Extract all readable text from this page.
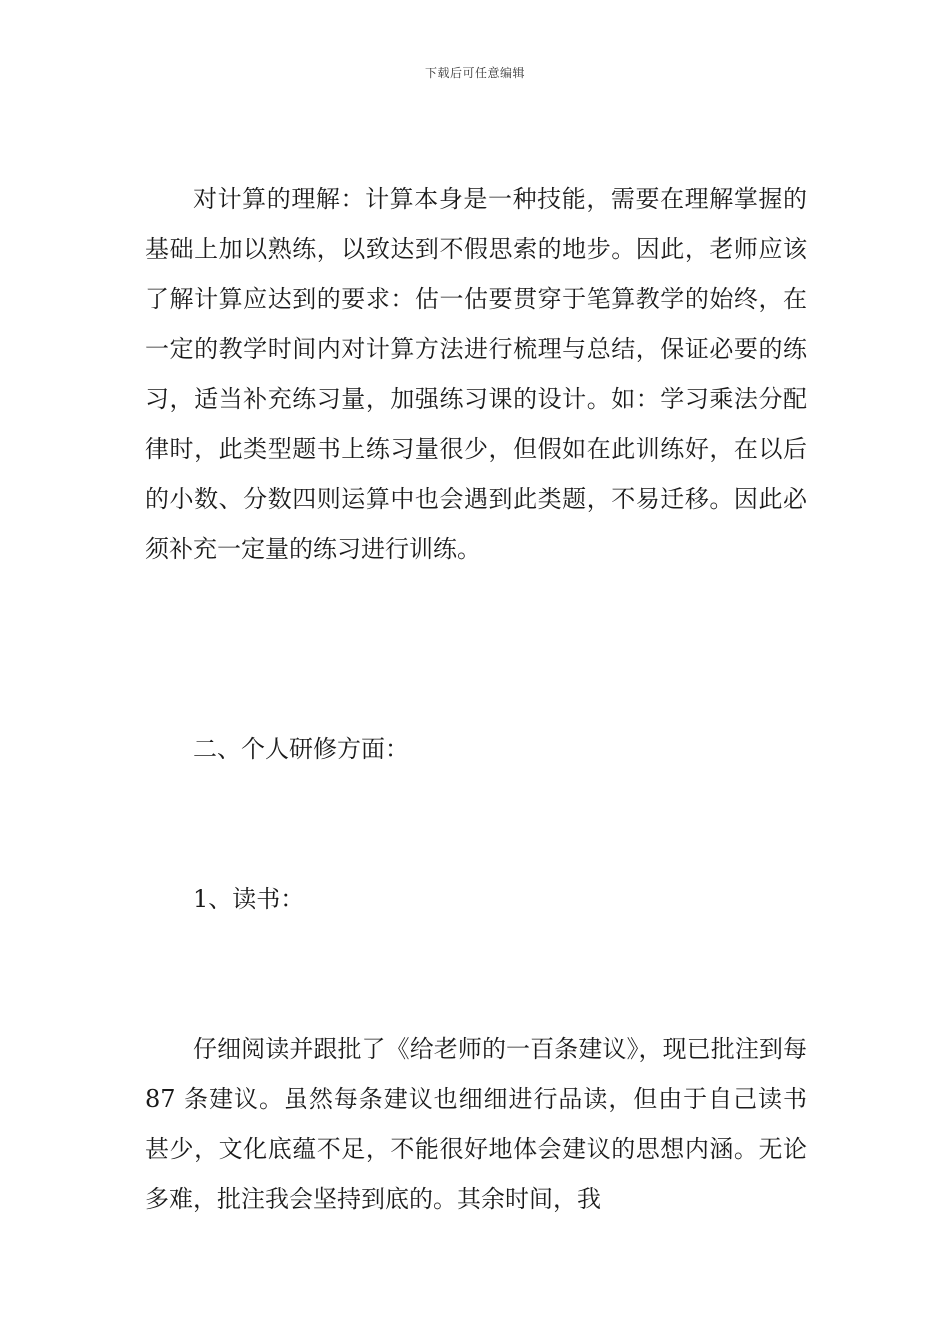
下载后可任意编辑

对计算的理解：计算本身是一种技能，需要在理解掌握的基础上加以熟练，以致达到不假思索的地步。因此，老师应该了解计算应达到的要求：估一估要贯穿于笔算教学的始终，在一定的教学时间内对计算方法进行梳理与总结，保证必要的练习，适当补充练习量，加强练习课的设计。如：学习乘法分配律时，此类型题书上练习量很少，但假如在此训练好，在以后的小数、分数四则运算中也会遇到此类题，不易迁移。因此必须补充一定量的练习进行训练。

二、个人研修方面：

1、读书：

仔细阅读并跟批了《给老师的一百条建议》，现已批注到每 87 条建议。虽然每条建议也细细进行品读，但由于自己读书甚少，文化底蕴不足，不能很好地体会建议的思想内涵。无论多难，批注我会坚持到底的。其余时间，我
